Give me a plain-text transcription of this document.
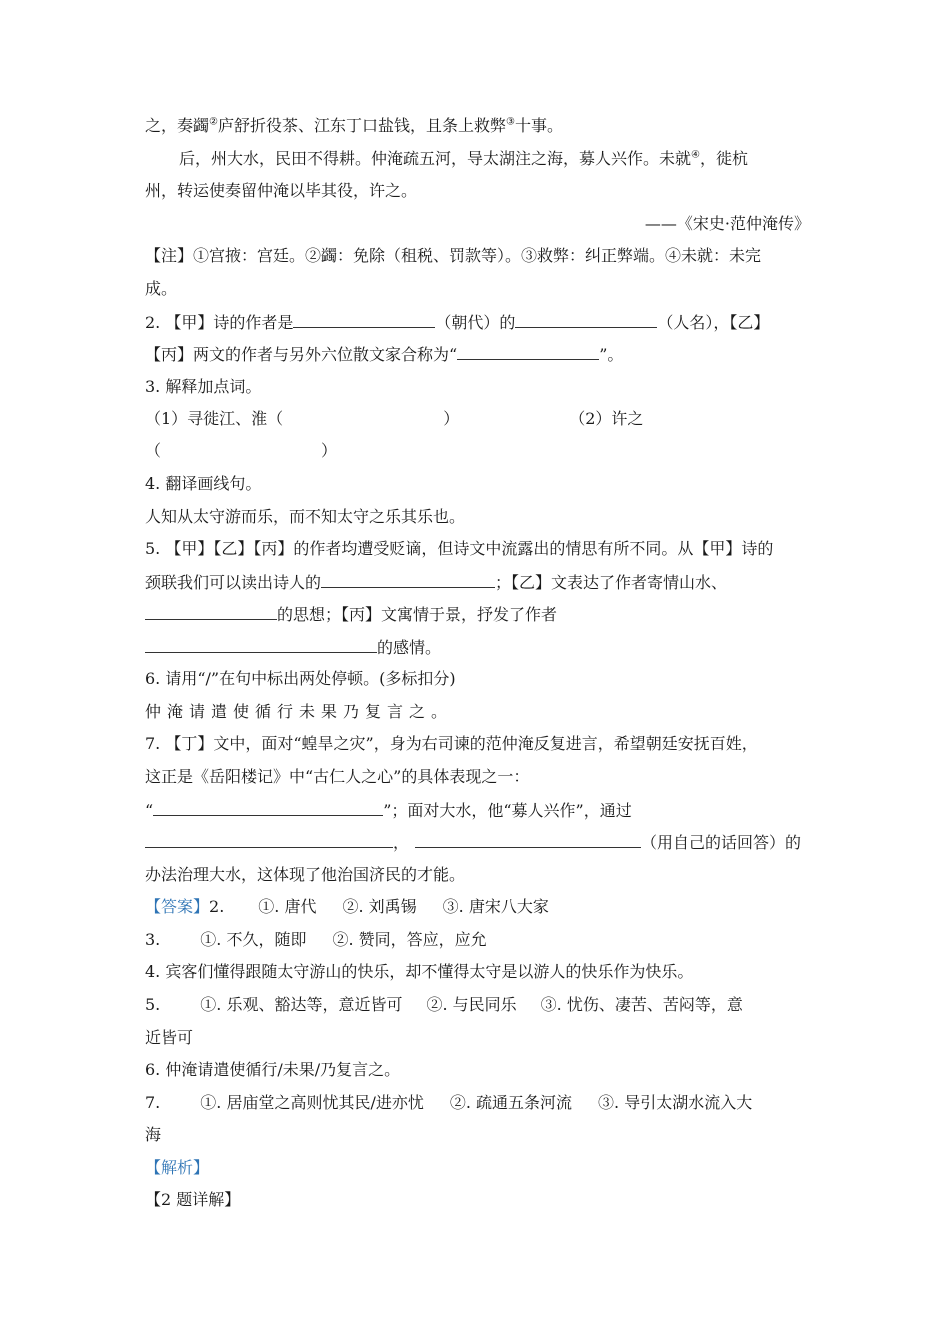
之，奏蠲②庐舒折役茶、江东丁口盐钱，且条上救弊③十事。
后，州大水，民田不得耕。仲淹疏五河，导太湖注之海，募人兴作。未就④，徙杭
州，转运使奏留仲淹以毕其役，许之。
——《宋史·范仲淹传》
【注】①宫掖：宫廷。②蠲：免除（租税、罚款等）。③救弊：纠正弊端。④未就：未完
成。
2. 【甲】诗的作者是	（朝代）的	（人名），【乙】
【丙】两文的作者与另外六位散文家合称为“	”。
3. 解释加点词。
（1）寻徙江、淮（	）	（2）许之
（	）
4. 翻译画线句。
人知从太守游而乐，而不知太守之乐其乐也。
5. 【甲】【乙】【丙】的作者均遭受贬谪，但诗文中流露出的情思有所不同。从【甲】诗的
颈联我们可以读出诗人的	；【乙】文表达了作者寄情山水、
的思想；【丙】文寓情于景，抒发了作者
的感情。
6. 请用“/”在句中标出两处停顿。(多标扣分)
仲淹请遣使循行未果乃复言之。
7. 【丁】文中，面对“蝗旱之灾”，身为右司谏的范仲淹反复进言，希望朝廷安抚百姓，
这正是《岳阳楼记》中“古仁人之心”的具体表现之一：
“	”；面对大水，他“募人兴作”，通过
，	（用自己的话回答）的
办法治理大水，这体现了他治国济民的才能。
【答案】2. ①. 唐代 ②. 刘禹锡 ③. 唐宋八大家
3.	①. 不久，随即 ②. 赞同，答应，应允
4. 宾客们懂得跟随太守游山的快乐，却不懂得太守是以游人的快乐作为快乐。
5.	①. 乐观、豁达等，意近皆可 ②. 与民同乐 ③. 忧伤、凄苦、苦闷等，意
近皆可
6. 仲淹请遣使循行/未果/乃复言之。
7.	①. 居庙堂之高则忧其民/进亦忧 ②. 疏通五条河流 ③. 导引太湖水流入大
海
【解析】
【2 题详解】
